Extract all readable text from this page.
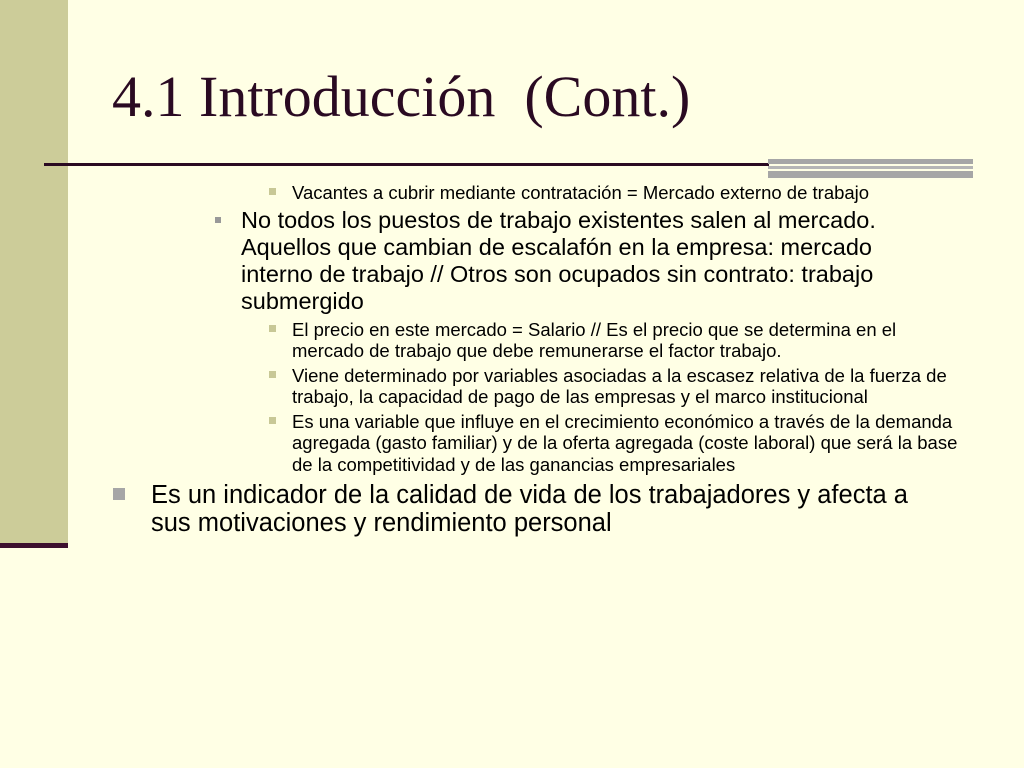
4.1 Introducción  (Cont.)
Vacantes a cubrir mediante contratación = Mercado externo de trabajo
No todos los puestos de trabajo existentes salen al mercado. Aquellos que cambian de escalafón en la empresa: mercado interno de trabajo // Otros son ocupados sin contrato: trabajo submergido
El precio en este mercado = Salario // Es el precio que se determina en el mercado de trabajo que debe remunerarse el factor trabajo.
Viene determinado por variables asociadas a la escasez relativa de la fuerza de trabajo, la capacidad de pago de las empresas y el marco institucional
Es una variable que influye en el crecimiento económico a través de la demanda agregada (gasto familiar) y de la oferta agregada (coste laboral) que será la base de la competitividad y de las ganancias empresariales
Es un indicador de la calidad de vida de los trabajadores y afecta a sus motivaciones y rendimiento personal
